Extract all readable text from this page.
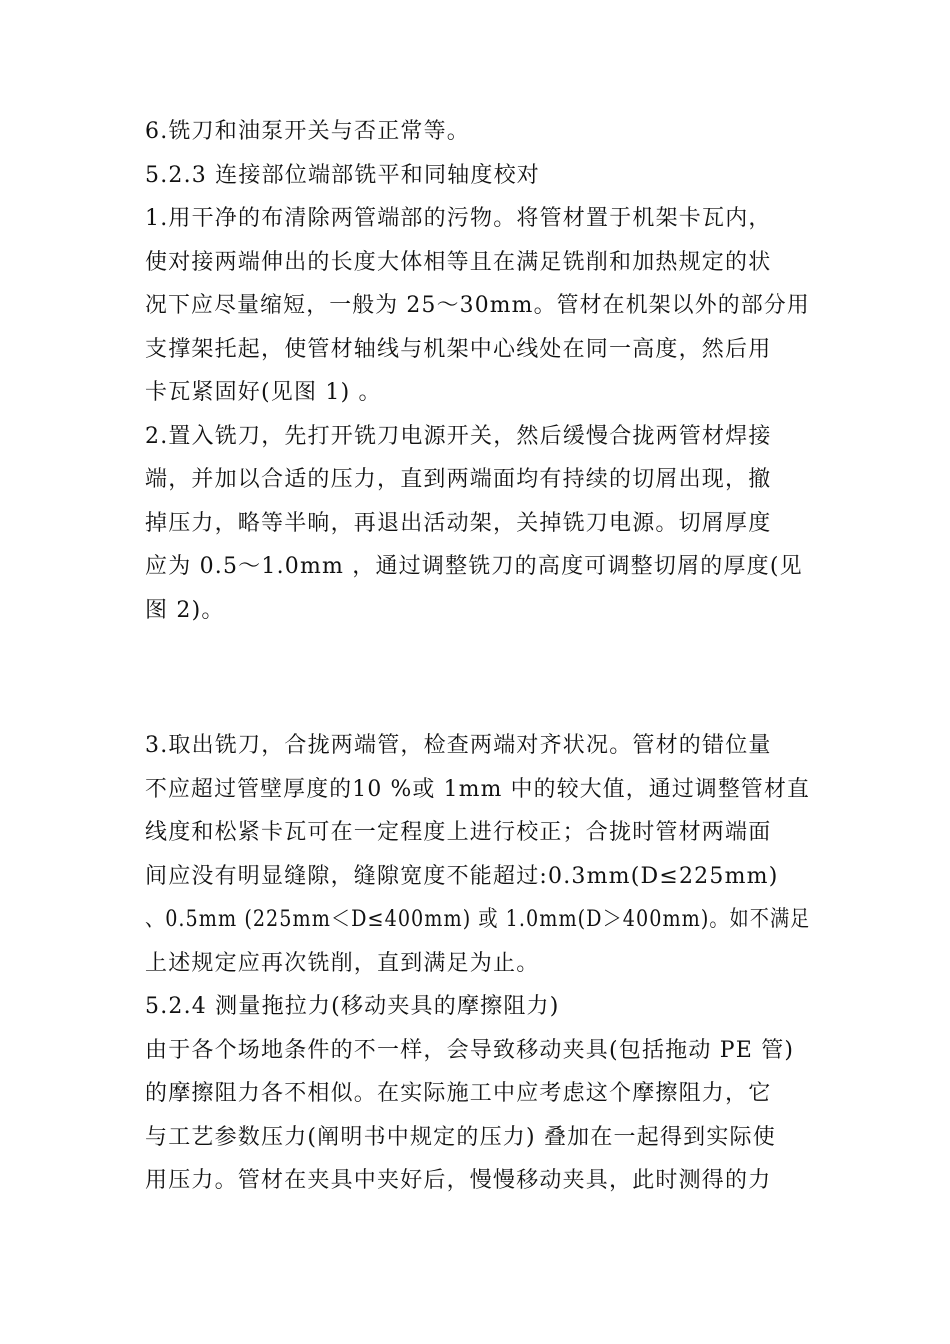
6.铣刀和油泵开关与否正常等。
5.2.3 连接部位端部铣平和同轴度校对
1.用干净的布清除两管端部的污物。将管材置于机架卡瓦内，
使对接两端伸出的长度大体相等且在满足铣削和加热规定的状
况下应尽量缩短，一般为 25～30mm。管材在机架以外的部分用
支撑架托起，使管材轴线与机架中心线处在同一高度，然后用
卡瓦紧固好(见图 1) 。
2.置入铣刀，先打开铣刀电源开关，然后缓慢合拢两管材焊接
端，并加以合适的压力，直到两端面均有持续的切屑出现，撤
掉压力，略等半晌，再退出活动架，关掉铣刀电源。切屑厚度
应为 0.5～1.0mm ，通过调整铣刀的高度可调整切屑的厚度(见
图 2)。
3.取出铣刀，合拢两端管，检查两端对齐状况。管材的错位量
不应超过管壁厚度的10 %或 1mm 中的较大值，通过调整管材直
线度和松紧卡瓦可在一定程度上进行校正；合拢时管材两端面
间应没有明显缝隙，缝隙宽度不能超过:0.3mm(D≤225mm)
、0.5mm (225mm＜D≤400mm) 或 1.0mm(D＞400mm)。如不满足
上述规定应再次铣削，直到满足为止。
5.2.4 测量拖拉力(移动夹具的摩擦阻力)
由于各个场地条件的不一样，会导致移动夹具(包括拖动 PE 管)
的摩擦阻力各不相似。在实际施工中应考虑这个摩擦阻力，它
与工艺参数压力(阐明书中规定的压力) 叠加在一起得到实际使
用压力。管材在夹具中夹好后，慢慢移动夹具，此时测得的力
